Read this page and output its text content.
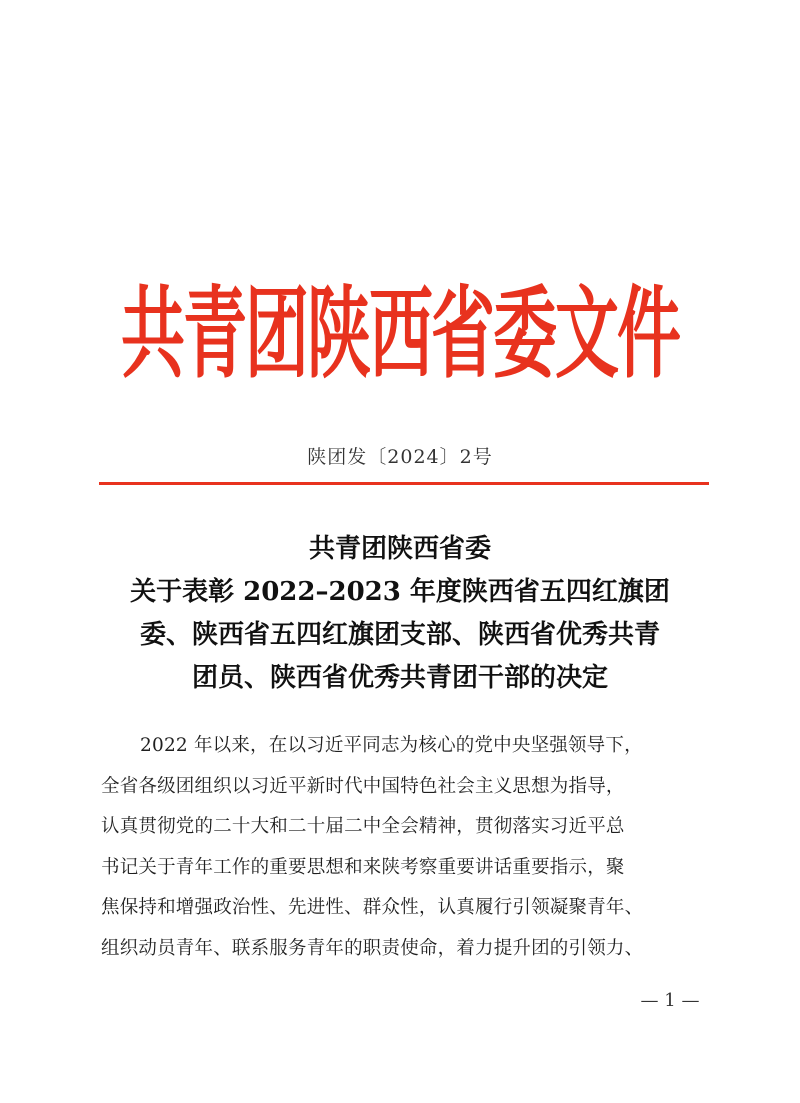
共青团陕西省委文件
陕团发〔2024〕2号
共青团陕西省委
关于表彰 2022–2023 年度陕西省五四红旗团
委、陕西省五四红旗团支部、陕西省优秀共青
团员、陕西省优秀共青团干部的决定
2022 年以来，在以习近平同志为核心的党中央坚强领导下，
全省各级团组织以习近平新时代中国特色社会主义思想为指导，
认真贯彻党的二十大和二十届二中全会精神，贯彻落实习近平总
书记关于青年工作的重要思想和来陕考察重要讲话重要指示，聚
焦保持和增强政治性、先进性、群众性，认真履行引领凝聚青年、
组织动员青年、联系服务青年的职责使命，着力提升团的引领力、
— 1 —
